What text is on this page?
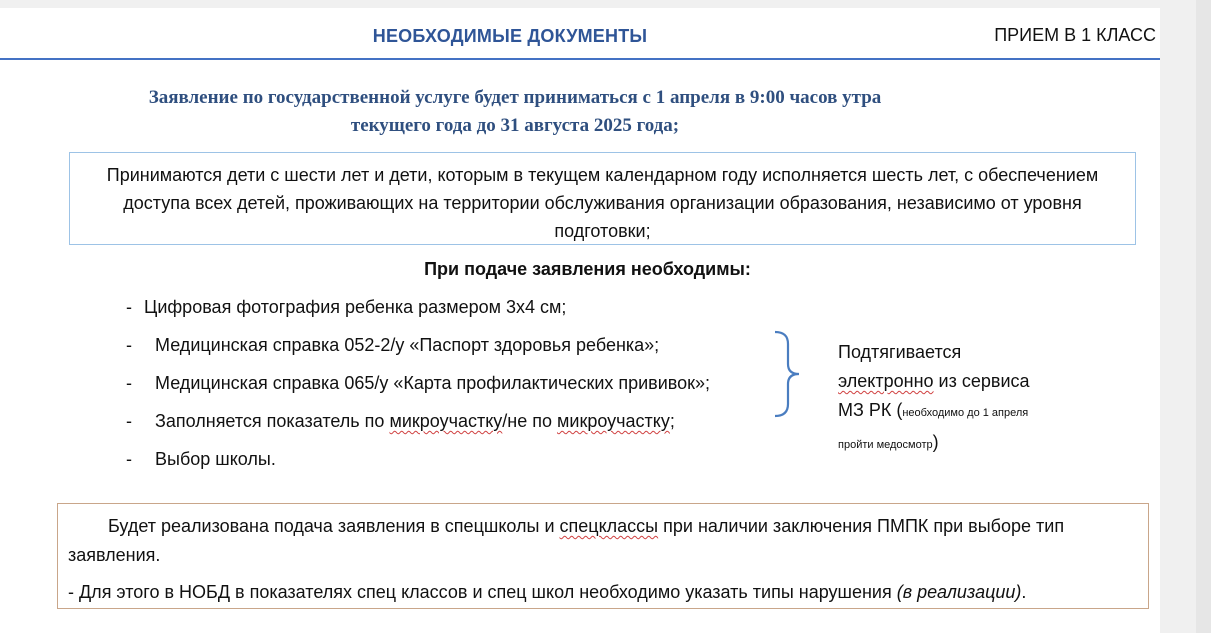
НЕОБХОДИМЫЕ ДОКУМЕНТЫ	ПРИЕМ В 1 КЛАСС
Заявление по государственной услуге будет приниматься с 1 апреля в 9:00 часов утра
текущего года до 31 августа 2025 года;
Принимаются дети с шести лет и дети, которым в текущем календарном году исполняется шесть лет, с обеспечением доступа всех детей, проживающих на территории обслуживания организации образования, независимо от уровня подготовки;
При подаче заявления необходимы:
- Цифровая фотография ребенка размером 3х4 см;
- Медицинская справка 052-2/у «Паспорт здоровья ребенка»;
- Медицинская справка 065/у «Карта профилактических прививок»;
- Заполняется показатель по микроучастку/не по микроучастку;
- Выбор школы.
Подтягивается
электронно из сервиса
МЗ РК (необходимо до 1 апреля
пройти медосмотр)

Будет реализована подача заявления в спецшколы и спецклассы при наличии заключения ПМПК при выборе тип заявления.

- Для этого в НОБД в показателях спец классов и спец школ необходимо указать типы нарушения (в реализации).
